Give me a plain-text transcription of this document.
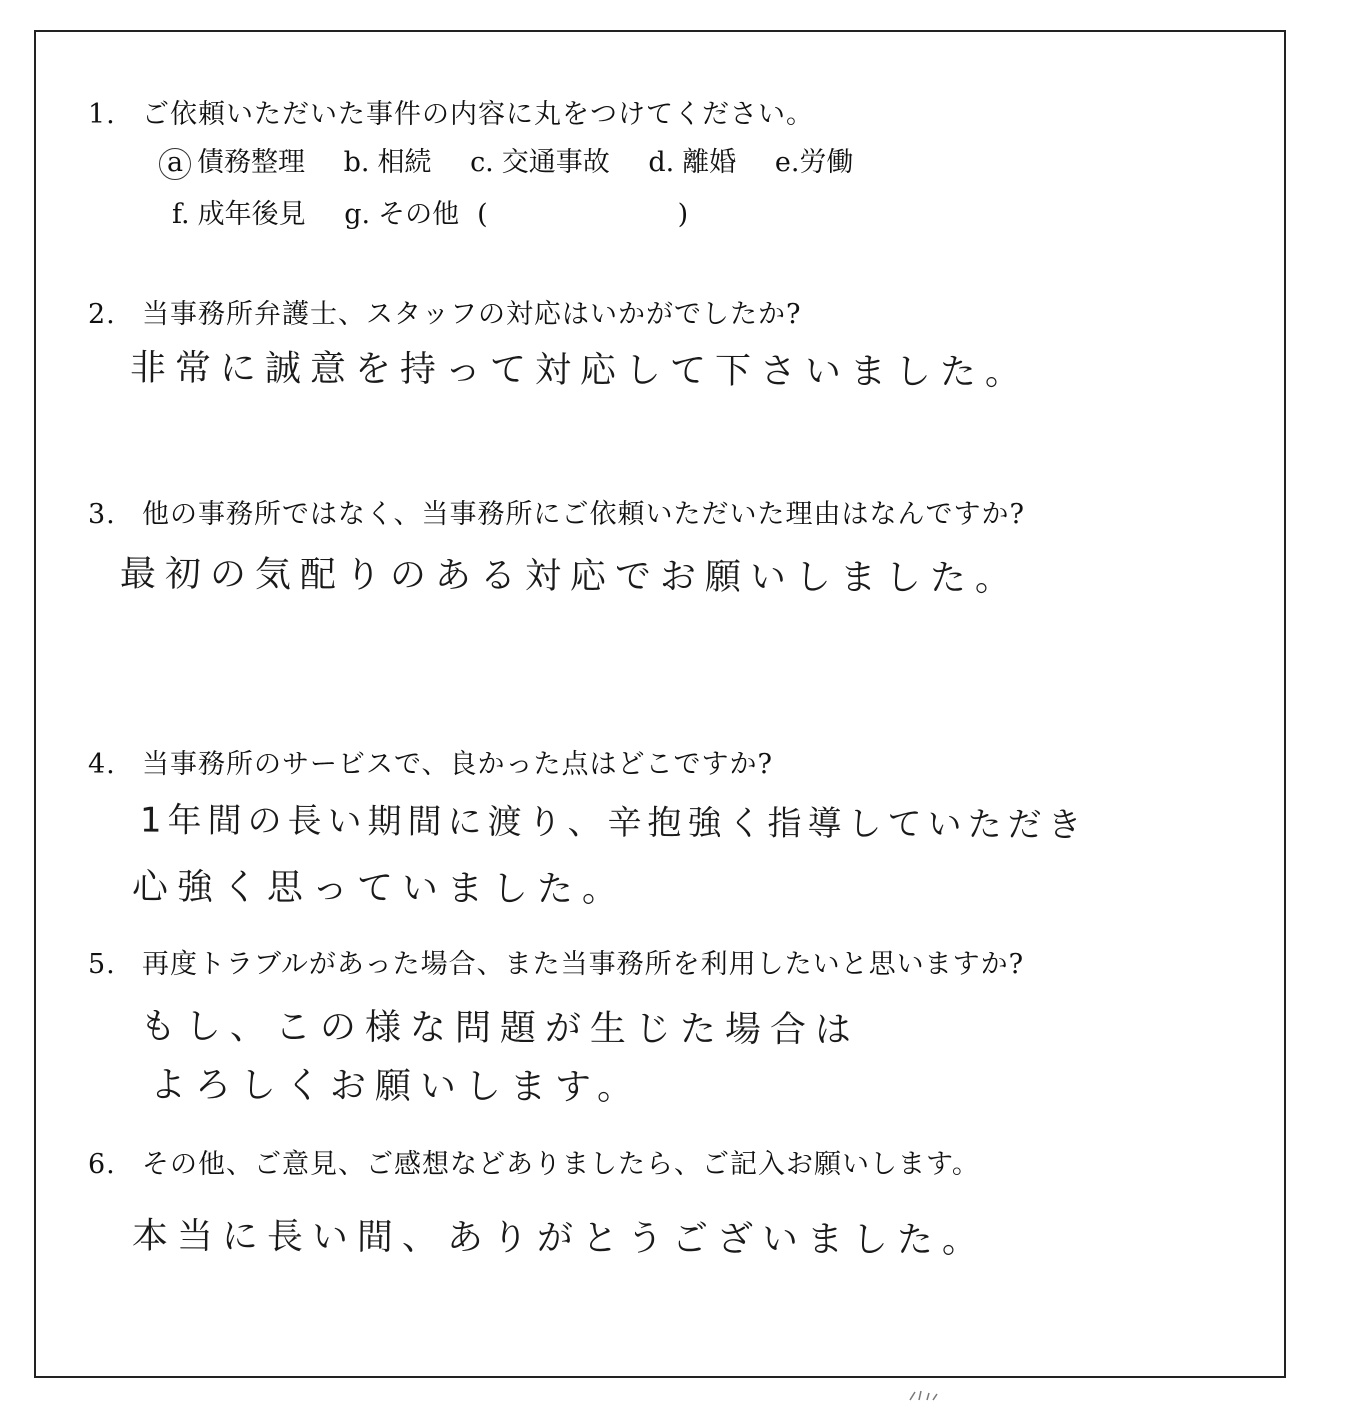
1. ご依頼いただいた事件の内容に丸をつけてください。
a 債務整理 b. 相続 c. 交通事故 d. 離婚 e.労働
f. 成年後見 g. その他 (	)
2. 当事務所弁護士、スタッフの対応はいかがでしたか?
非常に誠意を持って対応して下さいました。
3. 他の事務所ではなく、当事務所にご依頼いただいた理由はなんですか?
最初の気配りのある対応でお願いしました。
4. 当事務所のサービスで、良かった点はどこですか?
1年間の長い期間に渡り、辛抱強く指導していただき
心強く思っていました。
5. 再度トラブルがあった場合、また当事務所を利用したいと思いますか?
もし、この様な問題が生じた場合は
よろしくお願いします。
6. その他、ご意見、ご感想などありましたら、ご記入お願いします。
本当に長い間、ありがとうございました。
